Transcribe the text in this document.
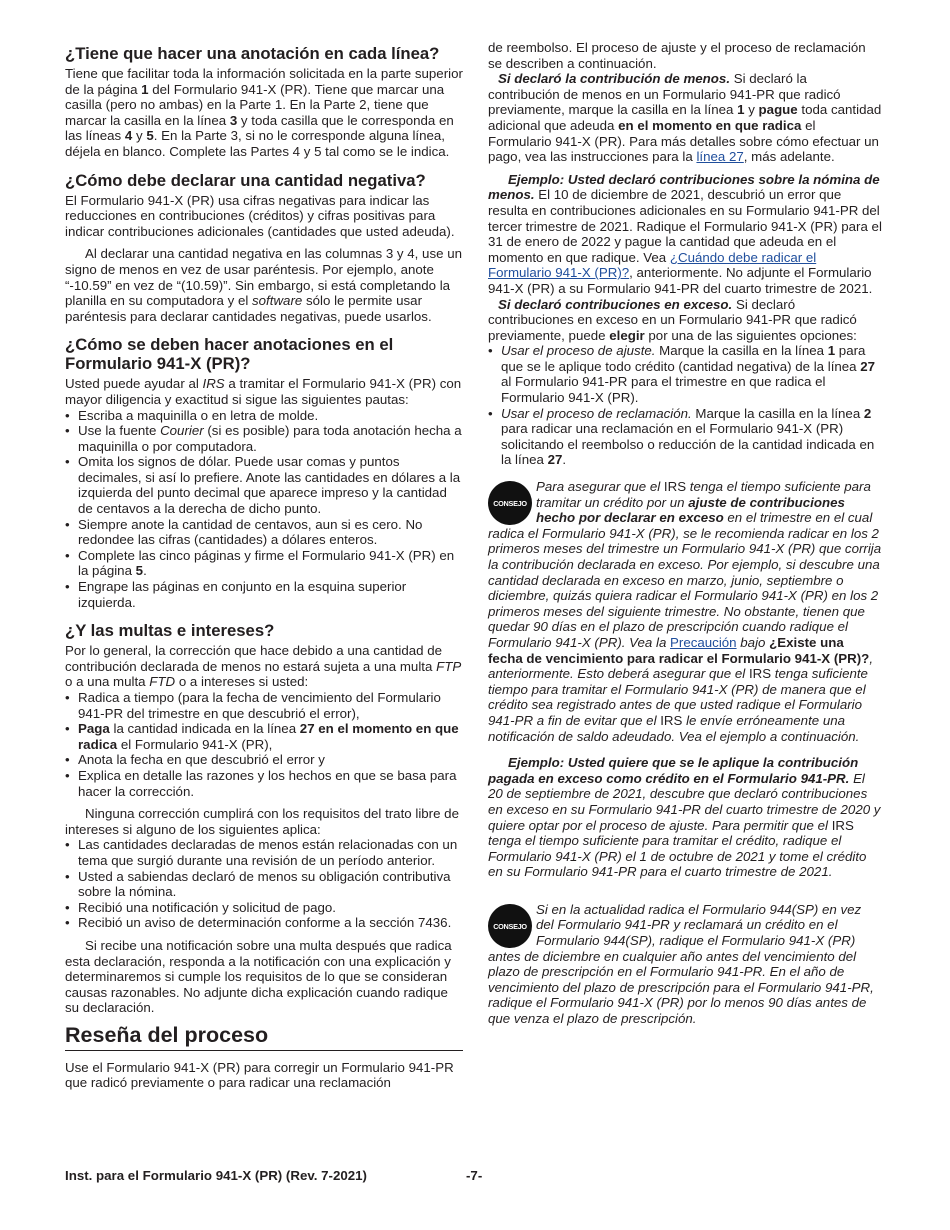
¿Tiene que hacer una anotación en cada línea?

Tiene que facilitar toda la información solicitada en la parte superior de la página 1 del Formulario 941-X (PR). Tiene que marcar una casilla (pero no ambas) en la Parte 1. En la Parte 2, tiene que marcar la casilla en la línea 3 y toda casilla que le corresponda en las líneas 4 y 5. En la Parte 3, si no le corresponde alguna línea, déjela en blanco. Complete las Partes 4 y 5 tal como se le indica.

¿Cómo debe declarar una cantidad negativa?

El Formulario 941-X (PR) usa cifras negativas para indicar las reducciones en contribuciones (créditos) y cifras positivas para indicar contribuciones adicionales (cantidades que usted adeuda).

Al declarar una cantidad negativa en las columnas 3 y 4, use un signo de menos en vez de usar paréntesis. Por ejemplo, anote “-10.59” en vez de “(10.59)”. Sin embargo, si está completando la planilla en su computadora y el software sólo le permite usar paréntesis para declarar cantidades negativas, puede usarlos.

¿Cómo se deben hacer anotaciones en el Formulario 941-X (PR)?

Usted puede ayudar al IRS a tramitar el Formulario 941-X (PR) con mayor diligencia y exactitud si sigue las siguientes pautas:

• Escriba a maquinilla o en letra de molde.

• Use la fuente Courier (si es posible) para toda anotación hecha a maquinilla o por computadora.

• Omita los signos de dólar. Puede usar comas y puntos decimales, si así lo prefiere. Anote las cantidades en dólares a la izquierda del punto decimal que aparece impreso y la cantidad de centavos a la derecha de dicho punto.

• Siempre anote la cantidad de centavos, aun si es cero. No redondee las cifras (cantidades) a dólares enteros.

• Complete las cinco páginas y firme el Formulario 941-X (PR) en la página 5.

• Engrape las páginas en conjunto en la esquina superior izquierda.

¿Y las multas e intereses?

Por lo general, la corrección que hace debido a una cantidad de contribución declarada de menos no estará sujeta a una multa FTP o a una multa FTD o a intereses si usted:

• Radica a tiempo (para la fecha de vencimiento del Formulario 941-PR del trimestre en que descubrió el error),

• Paga la cantidad indicada en la línea 27 en el momento en que radica el Formulario 941-X (PR),

• Anota la fecha en que descubrió el error y

• Explica en detalle las razones y los hechos en que se basa para hacer la corrección.

Ninguna corrección cumplirá con los requisitos del trato libre de intereses si alguno de los siguientes aplica:

• Las cantidades declaradas de menos están relacionadas con un tema que surgió durante una revisión de un período anterior.

• Usted a sabiendas declaró de menos su obligación contributiva sobre la nómina.

• Recibió una notificación y solicitud de pago.

• Recibió un aviso de determinación conforme a la sección 7436.

Si recibe una notificación sobre una multa después que radica esta declaración, responda a la notificación con una explicación y determinaremos si cumple los requisitos de lo que se consideran causas razonables. No adjunte dicha explicación cuando radique su declaración.

Reseña del proceso

Use el Formulario 941-X (PR) para corregir un Formulario 941-PR que radicó previamente o para radicar una reclamación

de reembolso. El proceso de ajuste y el proceso de reclamación se describen a continuación.

Si declaró la contribución de menos. Si declaró la contribución de menos en un Formulario 941-PR que radicó previamente, marque la casilla en la línea 1 y pague toda cantidad adicional que adeuda en el momento en que radica el Formulario 941-X (PR). Para más detalles sobre cómo efectuar un pago, vea las instrucciones para la línea 27, más adelante.

Ejemplo: Usted declaró contribuciones sobre la nómina de menos. El 10 de diciembre de 2021, descubrió un error que resulta en contribuciones adicionales en su Formulario 941-PR del tercer trimestre de 2021. Radique el Formulario 941-X (PR) para el 31 de enero de 2022 y pague la cantidad que adeuda en el momento en que radique. Vea ¿Cuándo debe radicar el Formulario 941-X (PR)?, anteriormente. No adjunte el Formulario 941-X (PR) a su Formulario 941-PR del cuarto trimestre de 2021.

Si declaró contribuciones en exceso. Si declaró contribuciones en exceso en un Formulario 941-PR que radicó previamente, puede elegir por una de las siguientes opciones:

• Usar el proceso de ajuste. Marque la casilla en la línea 1 para que se le aplique todo crédito (cantidad negativa) de la línea 27 al Formulario 941-PR para el trimestre en que radica el Formulario 941-X (PR).

• Usar el proceso de reclamación. Marque la casilla en la línea 2 para radicar una reclamación en el Formulario 941-X (PR) solicitando el reembolso o reducción de la cantidad indicada en la línea 27.

CONSEJO

Para asegurar que el IRS tenga el tiempo suficiente para tramitar un crédito por un ajuste de contribuciones hecho por declarar en exceso en el trimestre en el cual radica el Formulario 941-X (PR), se le recomienda radicar en los 2 primeros meses del trimestre un Formulario 941-X (PR) que corrija la contribución declarada en exceso. Por ejemplo, si descubre una cantidad declarada en exceso en marzo, junio, septiembre o diciembre, quizás quiera radicar el Formulario 941-X (PR) en los 2 primeros meses del siguiente trimestre. No obstante, tienen que quedar 90 días en el plazo de prescripción cuando radique el Formulario 941-X (PR). Vea la Precaución bajo ¿Existe una fecha de vencimiento para radicar el Formulario 941-X (PR)?, anteriormente. Esto deberá asegurar que el IRS tenga suficiente tiempo para tramitar el Formulario 941-X (PR) de manera que el crédito sea registrado antes de que usted radique el Formulario 941-PR a fin de evitar que el IRS le envíe erróneamente una notificación de saldo adeudado. Vea el ejemplo a continuación.

Ejemplo: Usted quiere que se le aplique la contribución pagada en exceso como crédito en el Formulario 941-PR. El 20 de septiembre de 2021, descubre que declaró contribuciones en exceso en su Formulario 941-PR del cuarto trimestre de 2020 y quiere optar por el proceso de ajuste. Para permitir que el IRS tenga el tiempo suficiente para tramitar el crédito, radique el Formulario 941-X (PR) el 1 de octubre de 2021 y tome el crédito en su Formulario 941-PR para el cuarto trimestre de 2021.

CONSEJO

Si en la actualidad radica el Formulario 944(SP) en vez del Formulario 941-PR y reclamará un crédito en el Formulario 944(SP), radique el Formulario 941-X (PR) antes de diciembre en cualquier año antes del vencimiento del plazo de prescripción en el Formulario 941-PR. En el año de vencimiento del plazo de prescripción para el Formulario 941-PR, radique el Formulario 941-X (PR) por lo menos 90 días antes de que venza el plazo de prescripción.

Inst. para el Formulario 941-X (PR) (Rev. 7-2021)	-7-
